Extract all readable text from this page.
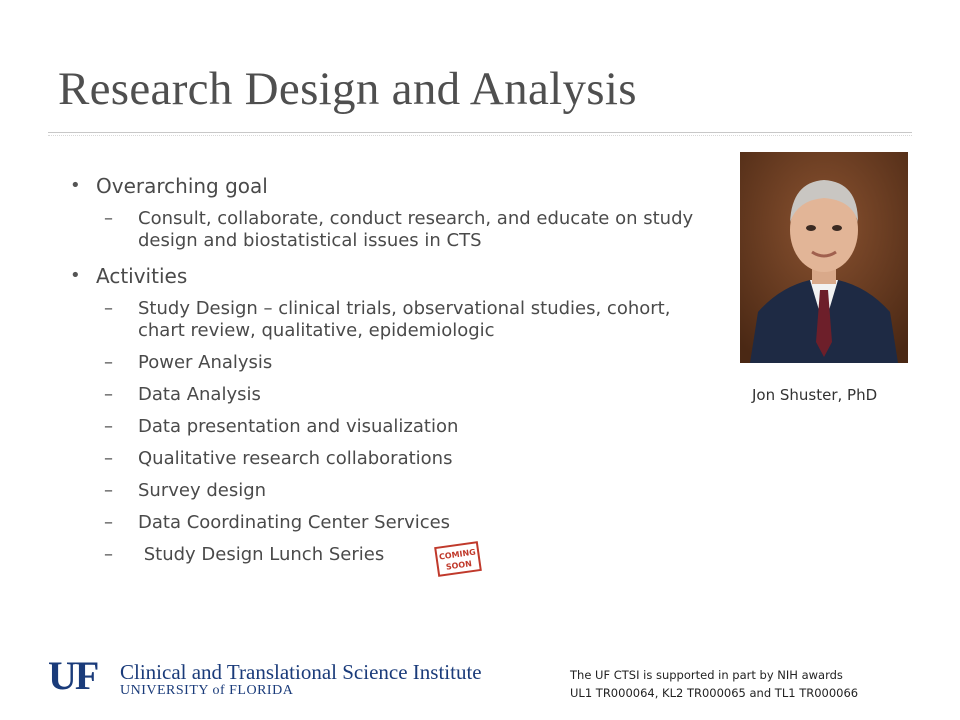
Research Design and Analysis
• Overarching goal
– Consult, collaborate, conduct research, and educate on study design and biostatistical issues in CTS
• Activities
– Study Design – clinical trials, observational studies, cohort, chart review, qualitative, epidemiologic
– Power Analysis
– Data Analysis
– Data presentation and visualization
– Qualitative research collaborations
– Survey design
– Data Coordinating Center Services
– Study Design Lunch Series	COMING SOON
Jon Shuster, PhD
UF Clinical and Translational Science Institute
UNIVERSITY of FLORIDA
The UF CTSI is supported in part by NIH awards
UL1 TR000064, KL2 TR000065 and TL1 TR000066
